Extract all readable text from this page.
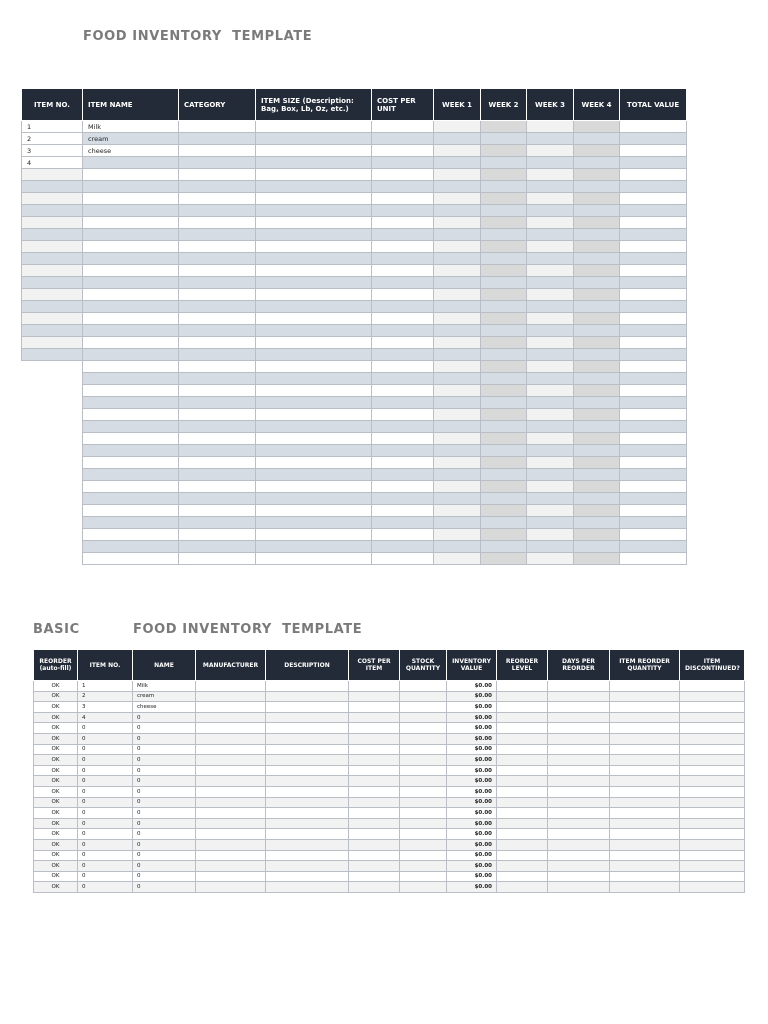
FOOD INVENTORY  TEMPLATE
ITEM NO.	ITEM NAME	CATEGORY	ITEM SIZE (Description: Bag, Box, Lb, Oz, etc.)	COST PER UNIT	WEEK 1	WEEK 2	WEEK 3	WEEK 4	TOTAL VALUE
1	Milk								
2	cream								
3	cheese								
4									

BASIC	FOOD INVENTORY  TEMPLATE
REORDER (auto-fill)	ITEM NO.	NAME	MANUFACTURER	DESCRIPTION	COST PER ITEM	STOCK QUANTITY	INVENTORY VALUE	REORDER LEVEL	DAYS PER REORDER	ITEM REORDER QUANTITY	ITEM DISCONTINUED?
OK	1	Milk					$0.00				
OK	2	cream					$0.00				
OK	3	cheese					$0.00				
OK	4	0					$0.00				
OK	0	0					$0.00				
OK	0	0					$0.00				
OK	0	0					$0.00				
OK	0	0					$0.00				
OK	0	0					$0.00				
OK	0	0					$0.00				
OK	0	0					$0.00				
OK	0	0					$0.00				
OK	0	0					$0.00				
OK	0	0					$0.00				
OK	0	0					$0.00				
OK	0	0					$0.00				
OK	0	0					$0.00				
OK	0	0					$0.00				
OK	0	0					$0.00				
OK	0	0					$0.00				
